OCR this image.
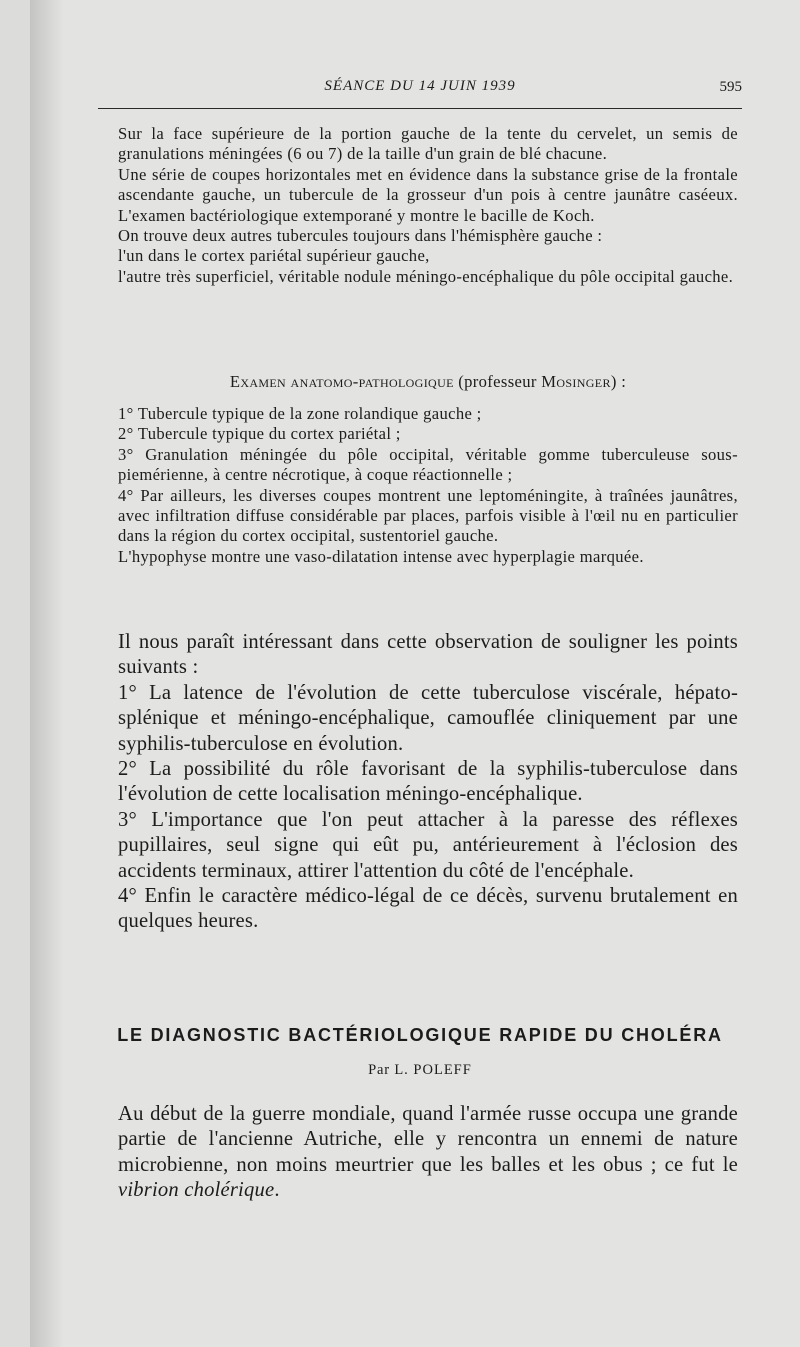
SÉANCE DU 14 JUIN 1939	595

Sur la face supérieure de la portion gauche de la tente du cervelet, un semis de granulations méningées (6 ou 7) de la taille d'un grain de blé chacune.

Une série de coupes horizontales met en évidence dans la substance grise de la frontale ascendante gauche, un tubercule de la grosseur d'un pois à centre jaunâtre caséeux. L'examen bactériologique extemporané y montre le bacille de Koch.

On trouve deux autres tubercules toujours dans l'hémisphère gauche :

l'un dans le cortex pariétal supérieur gauche,

l'autre très superficiel, véritable nodule méningo-encéphalique du pôle occipital gauche.

Examen anatomo-pathologique (professeur Mosinger) :

1° Tubercule typique de la zone rolandique gauche ;

2° Tubercule typique du cortex pariétal ;

3° Granulation méningée du pôle occipital, véritable gomme tuberculeuse sous-piemérienne, à centre nécrotique, à coque réactionnelle ;

4° Par ailleurs, les diverses coupes montrent une leptoméningite, à traînées jaunâtres, avec infiltration diffuse considérable par places, parfois visible à l'œil nu en particulier dans la région du cortex occipital, sustentoriel gauche.

L'hypophyse montre une vaso-dilatation intense avec hyperplagie marquée.

Il nous paraît intéressant dans cette observation de souligner les points suivants :

1° La latence de l'évolution de cette tuberculose viscérale, hépato-splénique et méningo-encéphalique, camouflée cliniquement par une syphilis-tuberculose en évolution.

2° La possibilité du rôle favorisant de la syphilis-tuberculose dans l'évolution de cette localisation méningo-encéphalique.

3° L'importance que l'on peut attacher à la paresse des réflexes pupillaires, seul signe qui eût pu, antérieurement à l'éclosion des accidents terminaux, attirer l'attention du côté de l'encéphale.

4° Enfin le caractère médico-légal de ce décès, survenu brutalement en quelques heures.

LE DIAGNOSTIC BACTÉRIOLOGIQUE RAPIDE DU CHOLÉRA
Par L. POLEFF

Au début de la guerre mondiale, quand l'armée russe occupa une grande partie de l'ancienne Autriche, elle y rencontra un ennemi de nature microbienne, non moins meurtrier que les balles et les obus ; ce fut le vibrion cholérique.
